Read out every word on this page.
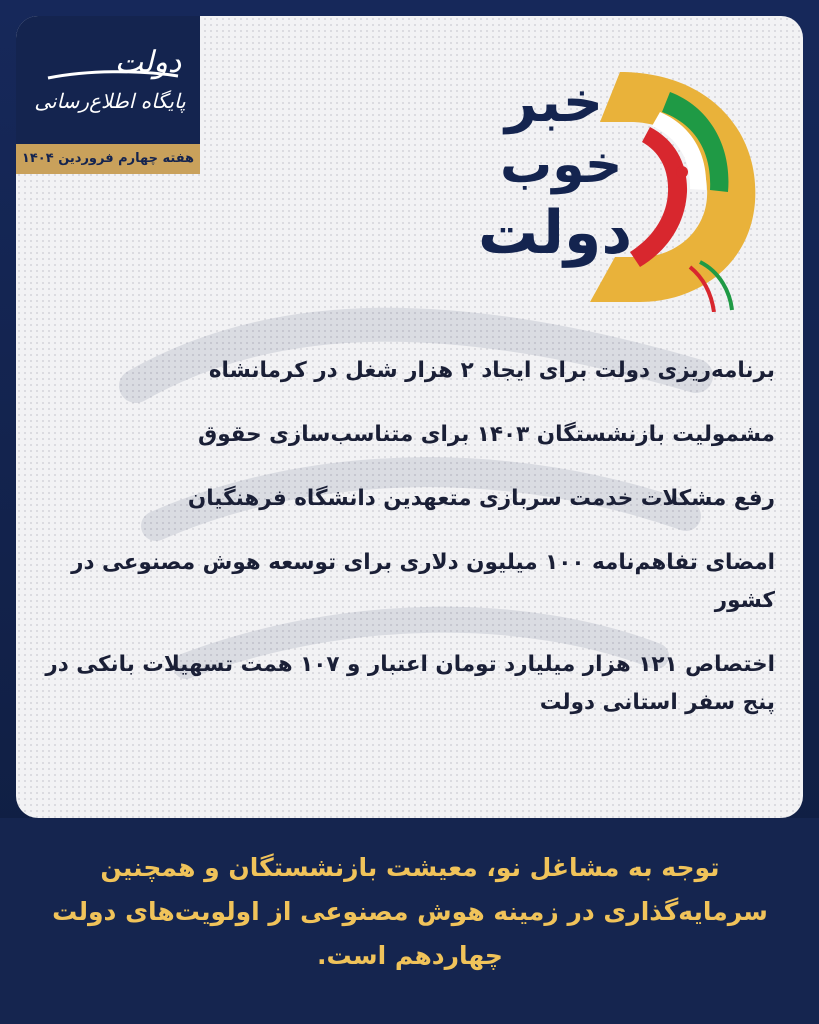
دولت
پایگاه اطلاع‌رسانی
هفته چهارم فروردین ۱۴۰۴
خبر
خوب
دولت
برنامه‌ریزی دولت برای ایجاد ۲ هزار شغل در کرمانشاه
مشمولیت بازنشستگان ۱۴۰۳ برای متناسب‌سازی حقوق
رفع مشکلات خدمت سربازی متعهدین دانشگاه فرهنگیان
امضای تفاهم‌نامه ۱۰۰ میلیون دلاری برای توسعه هوش مصنوعی در کشور
اختصاص ۱۲۱ هزار میلیارد تومان اعتبار و ۱۰۷ همت تسهیلات بانکی در پنج سفر استانی دولت
توجه به مشاغل نو، معیشت بازنشستگان و همچنین سرمایه‌گذاری در زمینه هوش مصنوعی از اولویت‌های دولت چهاردهم است.
